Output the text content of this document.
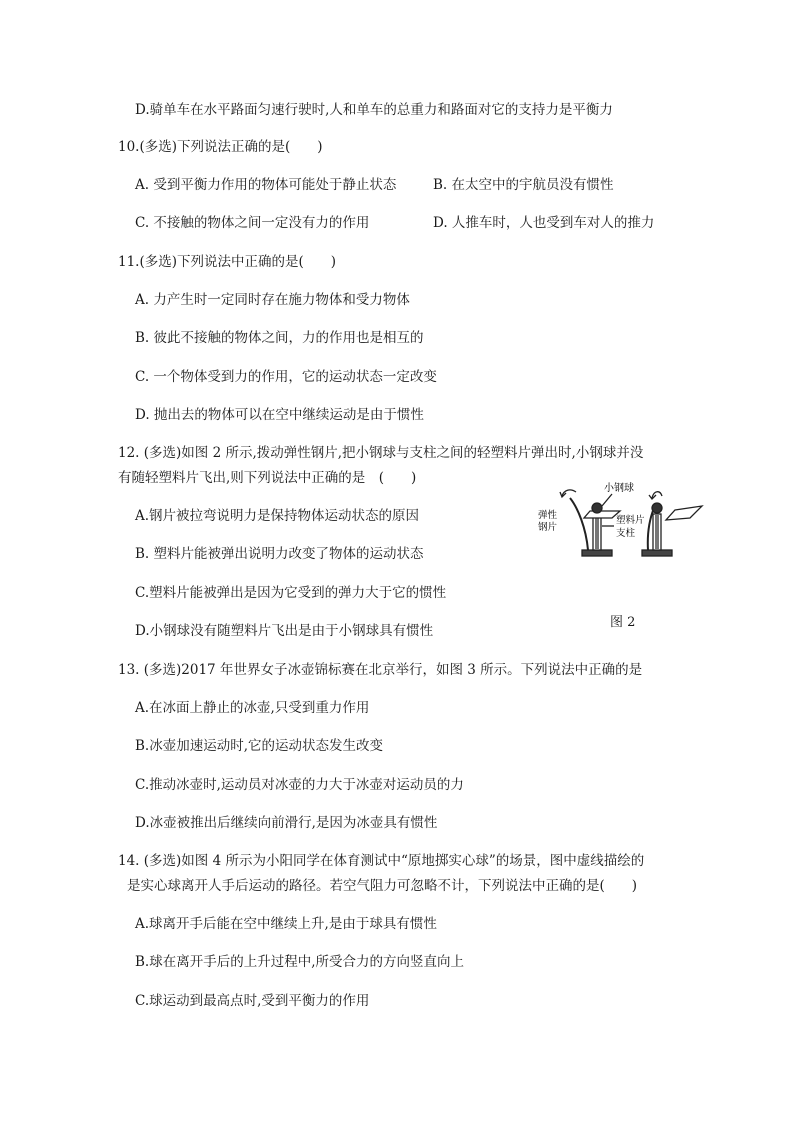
D.骑单车在水平路面匀速行驶时,人和单车的总重力和路面对它的支持力是平衡力
10.(多选)下列说法正确的是(　　)
A. 受到平衡力作用的物体可能处于静止状态	B. 在太空中的宇航员没有惯性
C. 不接触的物体之间一定没有力的作用	D. 人推车时，人也受到车对人的推力
11.(多选)下列说法中正确的是(　　)
A. 力产生时一定同时存在施力物体和受力物体
B. 彼此不接触的物体之间，力的作用也是相互的
C. 一个物体受到力的作用，它的运动状态一定改变
D. 抛出去的物体可以在空中继续运动是由于惯性
12. (多选)如图 2 所示,拨动弹性钢片,把小钢球与支柱之间的轻塑料片弹出时,小钢球并没
有随轻塑料片飞出,则下列说法中正确的是　(　　)
A.钢片被拉弯说明力是保持物体运动状态的原因
B. 塑料片能被弹出说明力改变了物体的运动状态
C.塑料片能被弹出是因为它受到的弹力大于它的惯性
D.小钢球没有随塑料片飞出是由于小钢球具有惯性
小钢球
弹性
钢片
塑料片
支柱
图 2
13. (多选)2017 年世界女子冰壶锦标赛在北京举行，如图 3 所示。下列说法中正确的是
A.在冰面上静止的冰壶,只受到重力作用
B.冰壶加速运动时,它的运动状态发生改变
C.推动冰壶时,运动员对冰壶的力大于冰壶对运动员的力
D.冰壶被推出后继续向前滑行,是因为冰壶具有惯性
14. (多选)如图 4 所示为小阳同学在体育测试中“原地掷实心球”的场景，图中虚线描绘的
是实心球离开人手后运动的路径。若空气阻力可忽略不计，下列说法中正确的是(　　)
A.球离开手后能在空中继续上升,是由于球具有惯性
B.球在离开手后的上升过程中,所受合力的方向竖直向上
C.球运动到最高点时,受到平衡力的作用
